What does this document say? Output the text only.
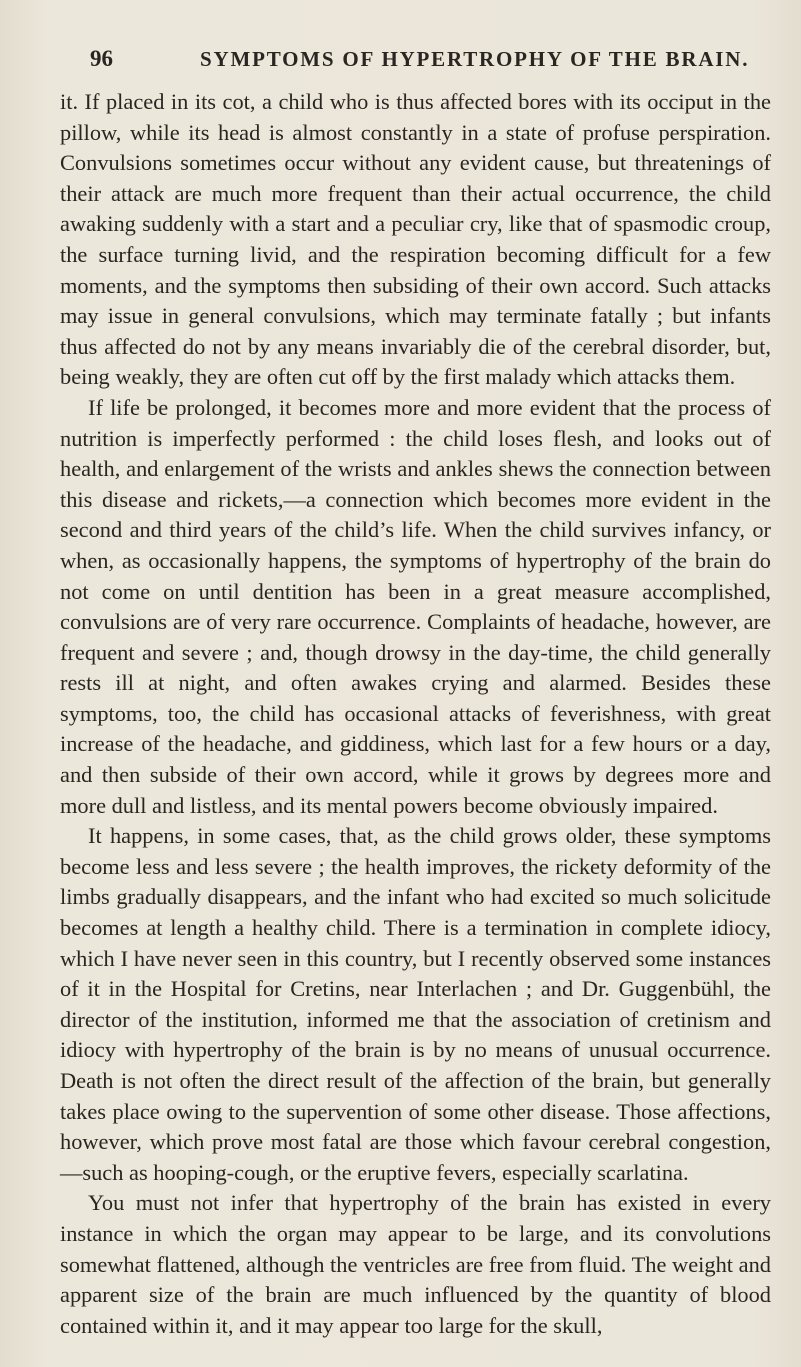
96	SYMPTOMS OF HYPERTROPHY OF THE BRAIN.

it. If placed in its cot, a child who is thus affected bores with its occiput in the pillow, while its head is almost constantly in a state of profuse perspiration. Convulsions sometimes occur without any evident cause, but threatenings of their attack are much more frequent than their actual occurrence, the child awaking suddenly with a start and a peculiar cry, like that of spasmodic croup, the surface turning livid, and the respiration becoming difficult for a few moments, and the symptoms then subsiding of their own accord. Such attacks may issue in general convulsions, which may terminate fatally ; but infants thus affected do not by any means invariably die of the cerebral disorder, but, being weakly, they are often cut off by the first malady which attacks them.

If life be prolonged, it becomes more and more evident that the process of nutrition is imperfectly performed : the child loses flesh, and looks out of health, and enlargement of the wrists and ankles shews the connection between this disease and rickets,—a connection which becomes more evident in the second and third years of the child’s life. When the child survives infancy, or when, as occasionally happens, the symptoms of hypertrophy of the brain do not come on until dentition has been in a great measure accomplished, convulsions are of very rare occurrence. Complaints of headache, however, are frequent and severe ; and, though drowsy in the day-time, the child generally rests ill at night, and often awakes crying and alarmed. Besides these symptoms, too, the child has occasional attacks of feverishness, with great increase of the headache, and giddiness, which last for a few hours or a day, and then subside of their own accord, while it grows by degrees more and more dull and listless, and its mental powers become obviously impaired.

It happens, in some cases, that, as the child grows older, these symptoms become less and less severe ; the health improves, the rickety deformity of the limbs gradually disappears, and the infant who had excited so much solicitude becomes at length a healthy child. There is a termination in complete idiocy, which I have never seen in this country, but I recently observed some instances of it in the Hospital for Cretins, near Interlachen ; and Dr. Guggenbühl, the director of the institution, informed me that the association of cretinism and idiocy with hypertrophy of the brain is by no means of unusual occurrence. Death is not often the direct result of the affection of the brain, but generally takes place owing to the supervention of some other disease. Those affections, however, which prove most fatal are those which favour cerebral congestion,—such as hooping-cough, or the eruptive fevers, especially scarlatina.

You must not infer that hypertrophy of the brain has existed in every instance in which the organ may appear to be large, and its convolutions somewhat flattened, although the ventricles are free from fluid. The weight and apparent size of the brain are much influenced by the quantity of blood contained within it, and it may appear too large for the skull,
